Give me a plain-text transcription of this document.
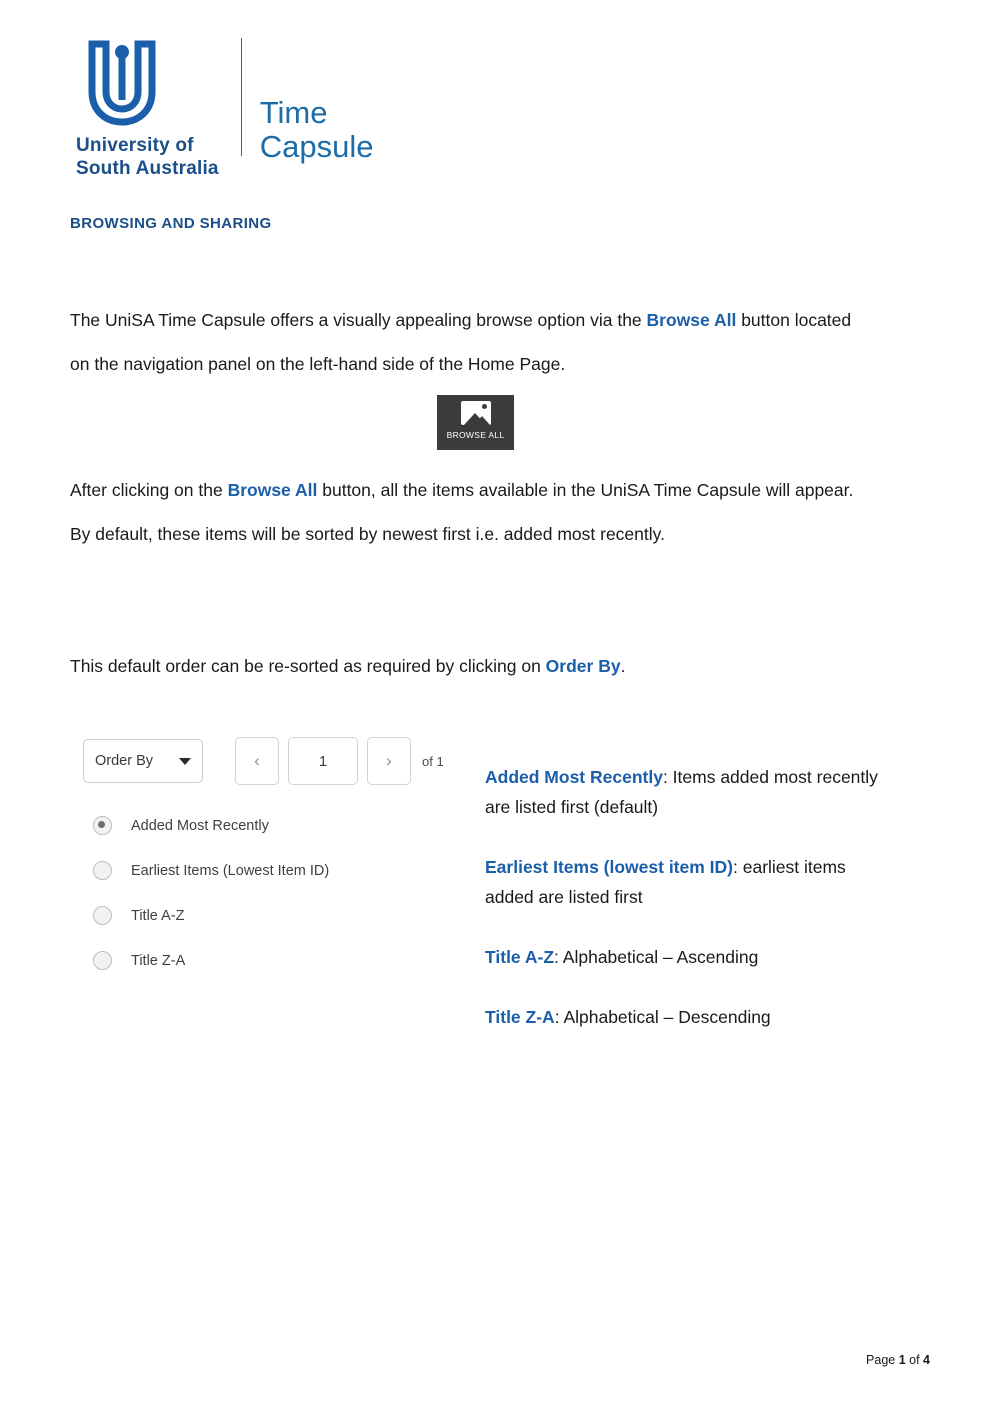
University of
South Australia
Time
Capsule
BROWSING AND SHARING
The UniSA Time Capsule offers a visually appealing browse option via the Browse All button located on the navigation panel on the left-hand side of the Home Page.
BROWSE ALL
After clicking on the Browse All button, all the items available in the UniSA Time Capsule will appear. By default, these items will be sorted by newest first i.e. added most recently.
This default order can be re-sorted as required by clicking on Order By.
Order By	‹	1	›	of 1
Added Most Recently
Earliest Items (Lowest Item ID)
Title A-Z
Title Z-A
Added Most Recently: Items added most recently are listed first (default)
Earliest Items (lowest item ID): earliest items added are listed first
Title A-Z: Alphabetical – Ascending
Title Z-A: Alphabetical – Descending
Page 1 of 4
